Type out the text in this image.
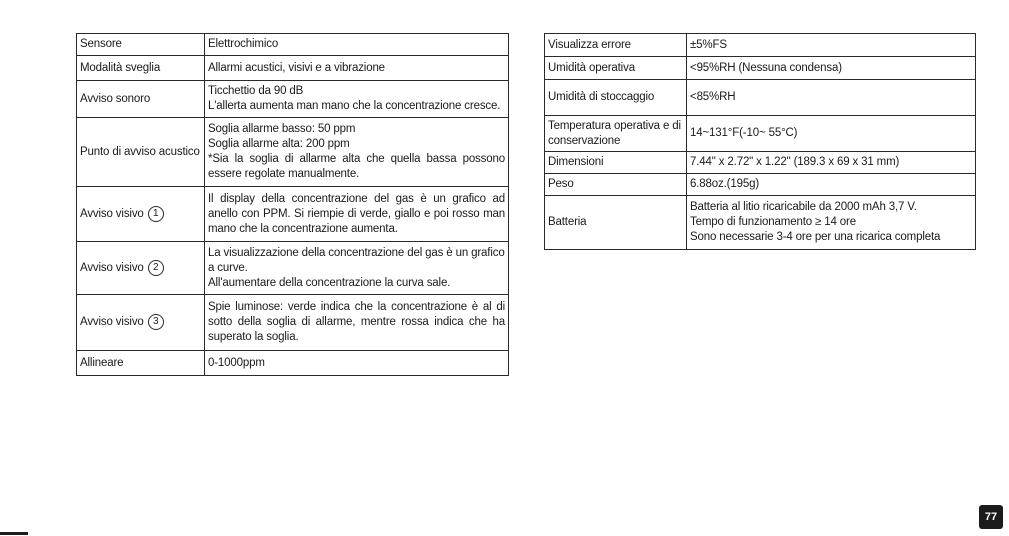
Sensore	Elettrochimico

Modalità sveglia	Allarmi acustici, visivi e a vibrazione

Avviso sonoro	Ticchettio da 90 dB
L'allerta aumenta man mano che la concentrazione cresce.

Punto di avviso acustico	Soglia allarme basso: 50 ppm
Soglia allarme alta: 200 ppm
*Sia la soglia di allarme alta che quella bassa possono essere regolate manualmente.

Avviso visivo 1	Il display della concentrazione del gas è un grafico ad anello con PPM. Si riempie di verde, giallo e poi rosso man mano che la concentrazione aumenta.

Avviso visivo 2	La visualizzazione della concentrazione del gas è un grafico a curve.
All'aumentare della concentrazione la curva sale.

Avviso visivo 3	Spie luminose: verde indica che la concentrazione è al di sotto della soglia di allarme, mentre rossa indica che ha superato la soglia.

Allineare	0-1000ppm
Visualizza errore	±5%FS

Umidità operativa	<95%RH (Nessuna condensa)

Umidità di stoccaggio	<85%RH

Temperatura operativa e di conservazione	14~131°F(-10~ 55°C)

Dimensioni	7.44" x 2.72" x 1.22" (189.3 x 69 x 31 mm)

Peso	6.88oz.(195g)

Batteria	Batteria al litio ricaricabile da 2000 mAh 3,7 V.
Tempo di funzionamento ≥ 14 ore
Sono necessarie 3-4 ore per una ricarica completa
77
